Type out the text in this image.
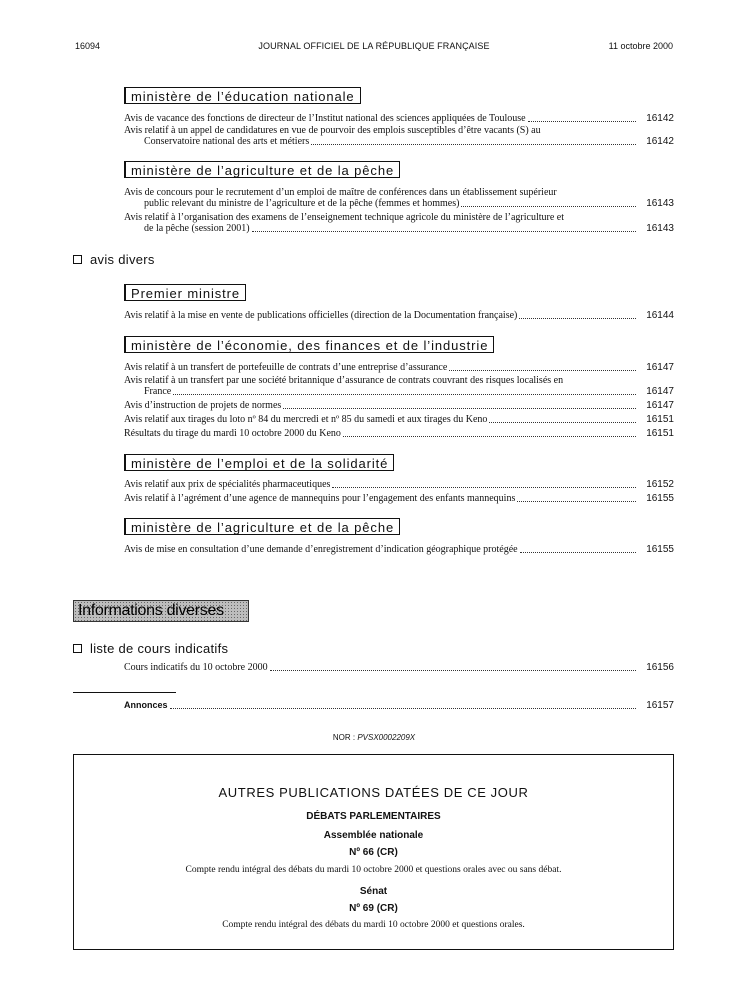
16094	JOURNAL OFFICIEL DE LA RÉPUBLIQUE FRANÇAISE	11 octobre 2000
ministère de l’éducation nationale
Avis de vacance des fonctions de directeur de l’Institut national des sciences appliquées de Toulouse	16142
Avis relatif à un appel de candidatures en vue de pourvoir des emplois susceptibles d’être vacants (S) au
Conservatoire national des arts et métiers	16142
ministère de l’agriculture et de la pêche
Avis de concours pour le recrutement d’un emploi de maître de conférences dans un établissement supérieur
public relevant du ministre de l’agriculture et de la pêche (femmes et hommes)	16143
Avis relatif à l’organisation des examens de l’enseignement technique agricole du ministère de l’agriculture et
de la pêche (session 2001)	16143
avis divers
Premier ministre
Avis relatif à la mise en vente de publications officielles (direction de la Documentation française)	16144
ministère de l’économie, des finances et de l’industrie
Avis relatif à un transfert de portefeuille de contrats d’une entreprise d’assurance	16147
Avis relatif à un transfert par une société britannique d’assurance de contrats couvrant des risques localisés en
France	16147
Avis d’instruction de projets de normes	16147
Avis relatif aux tirages du loto nº 84 du mercredi et nº 85 du samedi et aux tirages du Keno	16151
Résultats du tirage du mardi 10 octobre 2000 du Keno	16151
ministère de l’emploi et de la solidarité
Avis relatif aux prix de spécialités pharmaceutiques	16152
Avis relatif à l’agrément d’une agence de mannequins pour l’engagement des enfants mannequins	16155
ministère de l’agriculture et de la pêche
Avis de mise en consultation d’une demande d’enregistrement d’indication géographique protégée	16155
Informations diverses
liste de cours indicatifs
Cours indicatifs du 10 octobre 2000	16156
Annonces	16157
NOR : PVSX0002209X
AUTRES PUBLICATIONS DATÉES DE CE JOUR
DÉBATS PARLEMENTAIRES
Assemblée nationale
Nº 66 (CR)
Compte rendu intégral des débats du mardi 10 octobre 2000 et questions orales avec ou sans débat.
Sénat
Nº 69 (CR)
Compte rendu intégral des débats du mardi 10 octobre 2000 et questions orales.
